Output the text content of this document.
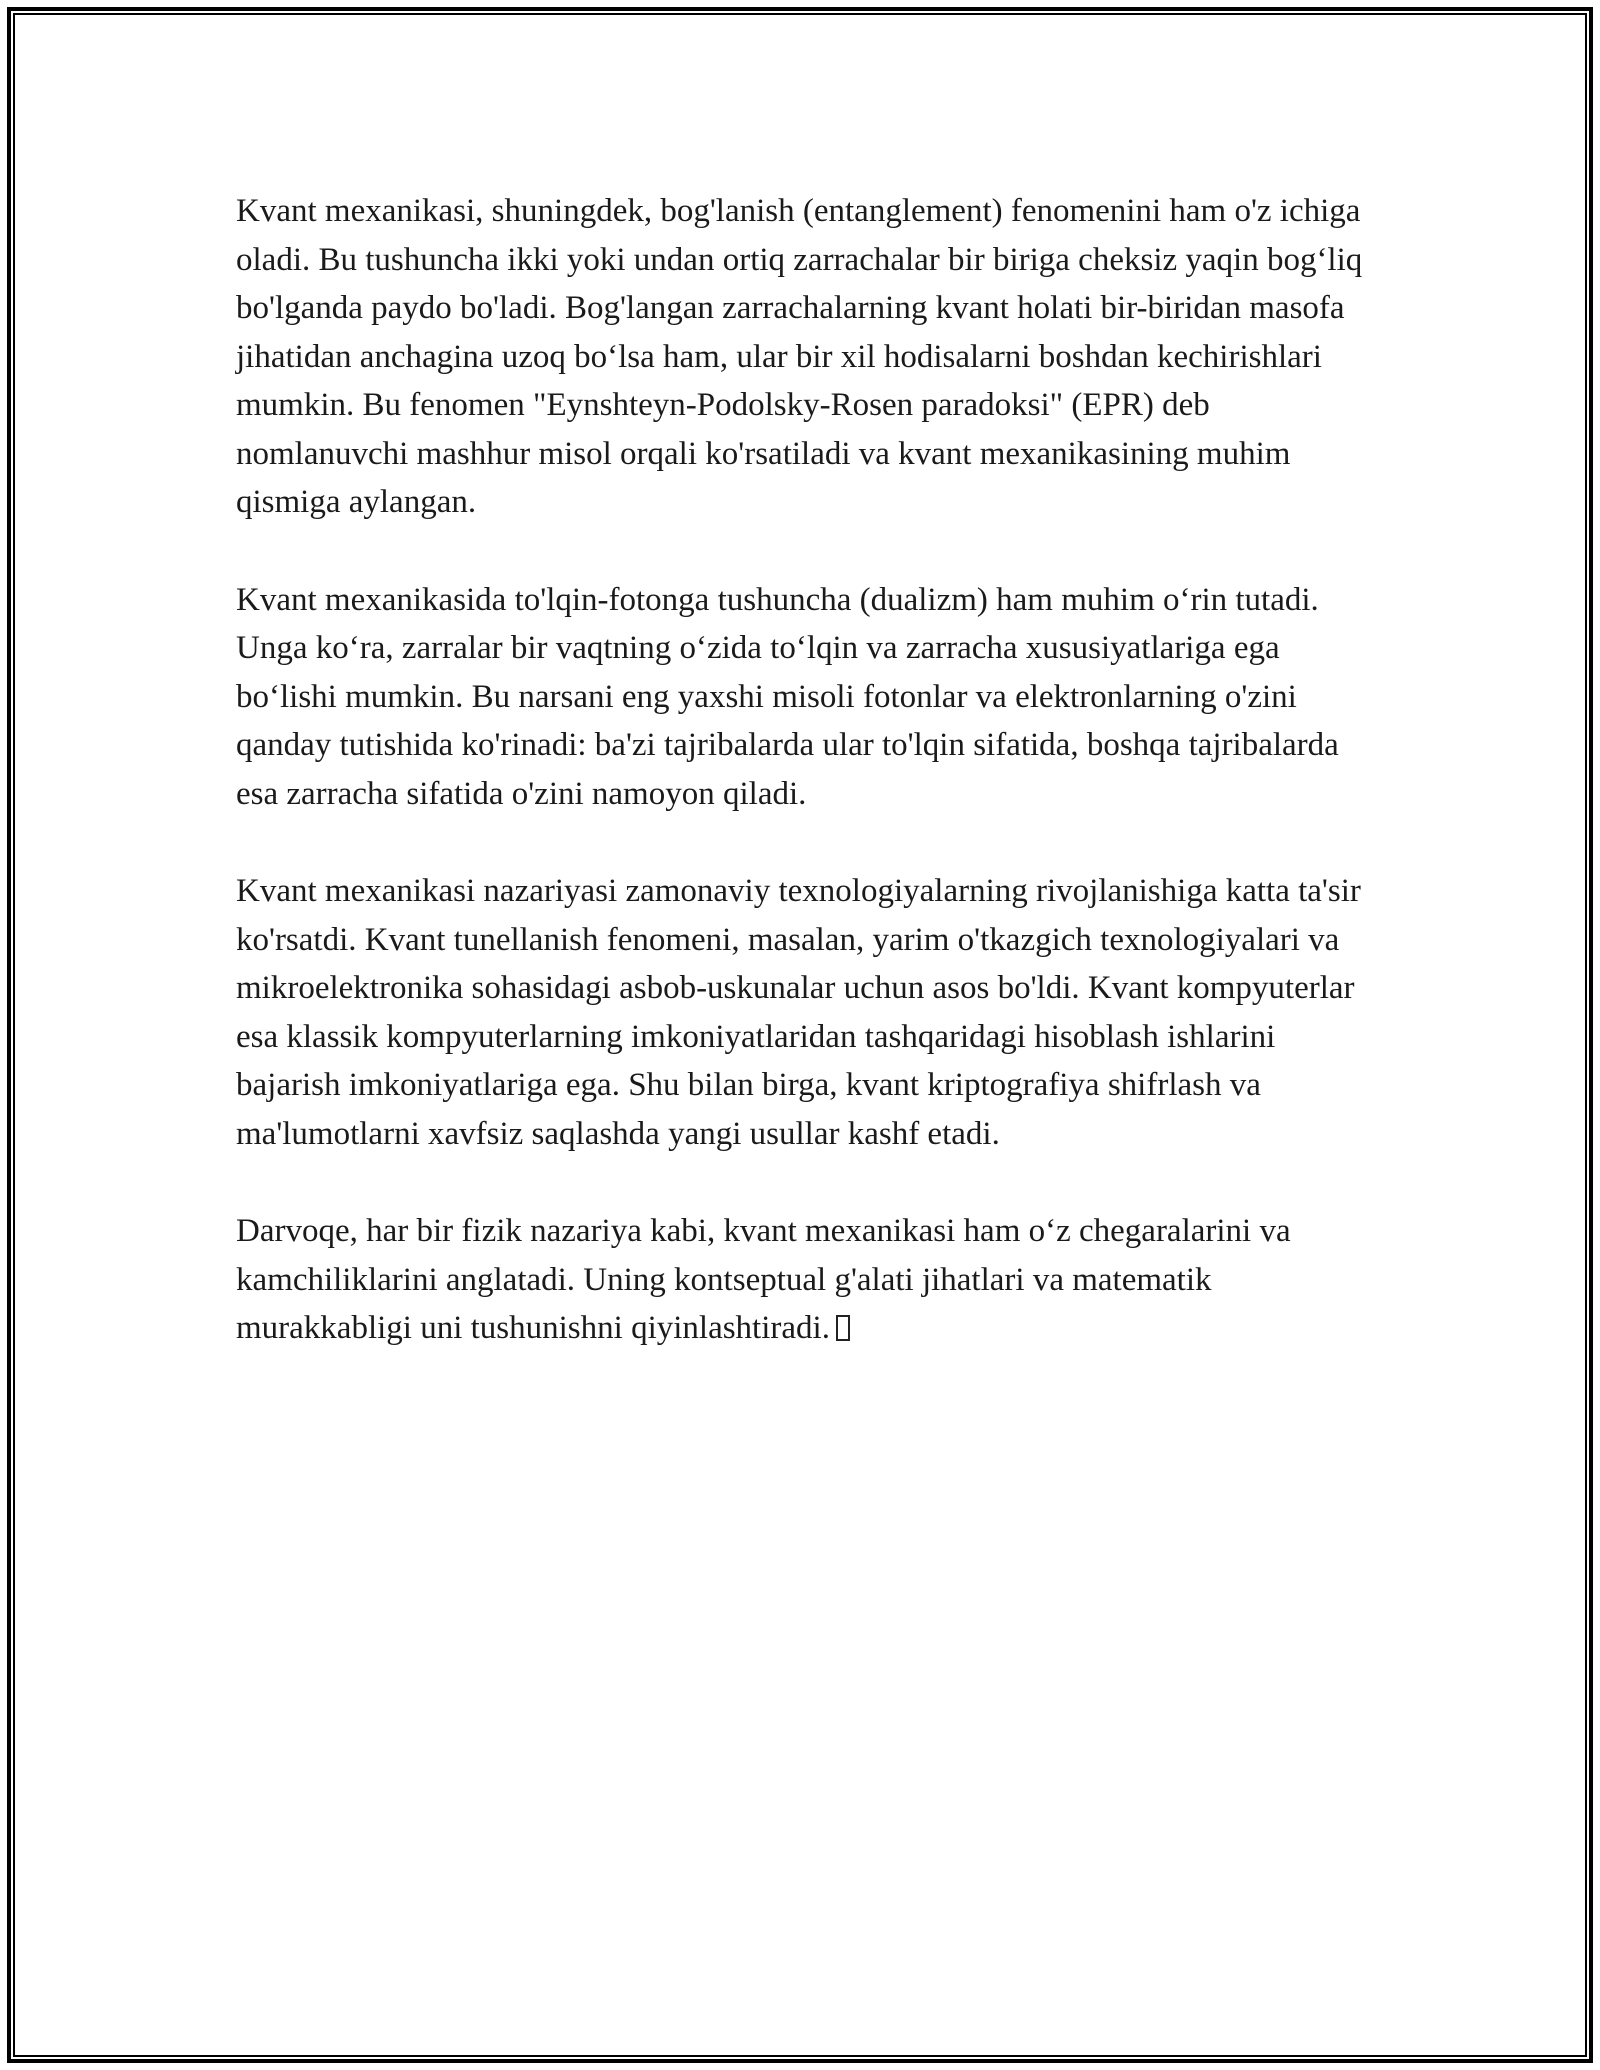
Kvant mexanikasi, shuningdek, bog'lanish (entanglement) fenomenini ham o'z ichiga oladi. Bu tushuncha ikki yoki undan ortiq zarrachalar bir biriga cheksiz yaqin bog‘liq bo'lganda paydo bo'ladi. Bog'langan zarrachalarning kvant holati bir-biridan masofa jihatidan anchagina uzoq bo‘lsa ham, ular bir xil hodisalarni boshdan kechirishlari mumkin. Bu fenomen "Eynshteyn-Podolsky-Rosen paradoksi" (EPR) deb nomlanuvchi mashhur misol orqali ko'rsatiladi va kvant mexanikasining muhim qismiga aylangan.

Kvant mexanikasida to'lqin-fotonga tushuncha (dualizm) ham muhim o‘rin tutadi. Unga ko‘ra, zarralar bir vaqtning o‘zida to‘lqin va zarracha xususiyatlariga ega bo‘lishi mumkin. Bu narsani eng yaxshi misoli fotonlar va elektronlarning o'zini qanday tutishida ko'rinadi: ba'zi tajribalarda ular to'lqin sifatida, boshqa tajribalarda esa zarracha sifatida o'zini namoyon qiladi.

Kvant mexanikasi nazariyasi zamonaviy texnologiyalarning rivojlanishiga katta ta'sir ko'rsatdi. Kvant tunellanish fenomeni, masalan, yarim o'tkazgich texnologiyalari va mikroelektronika sohasidagi asbob-uskunalar uchun asos bo'ldi. Kvant kompyuterlar esa klassik kompyuterlarning imkoniyatlaridan tashqaridagi hisoblash ishlarini bajarish imkoniyatlariga ega. Shu bilan birga, kvant kriptografiya shifrlash va ma'lumotlarni xavfsiz saqlashda yangi usullar kashf etadi.

Darvoqe, har bir fizik nazariya kabi, kvant mexanikasi ham o‘z chegaralarini va kamchiliklarini anglatadi. Uning kontseptual g'alati jihatlari va matematik murakkabligi uni tushunishni qiyinlashtiradi.
